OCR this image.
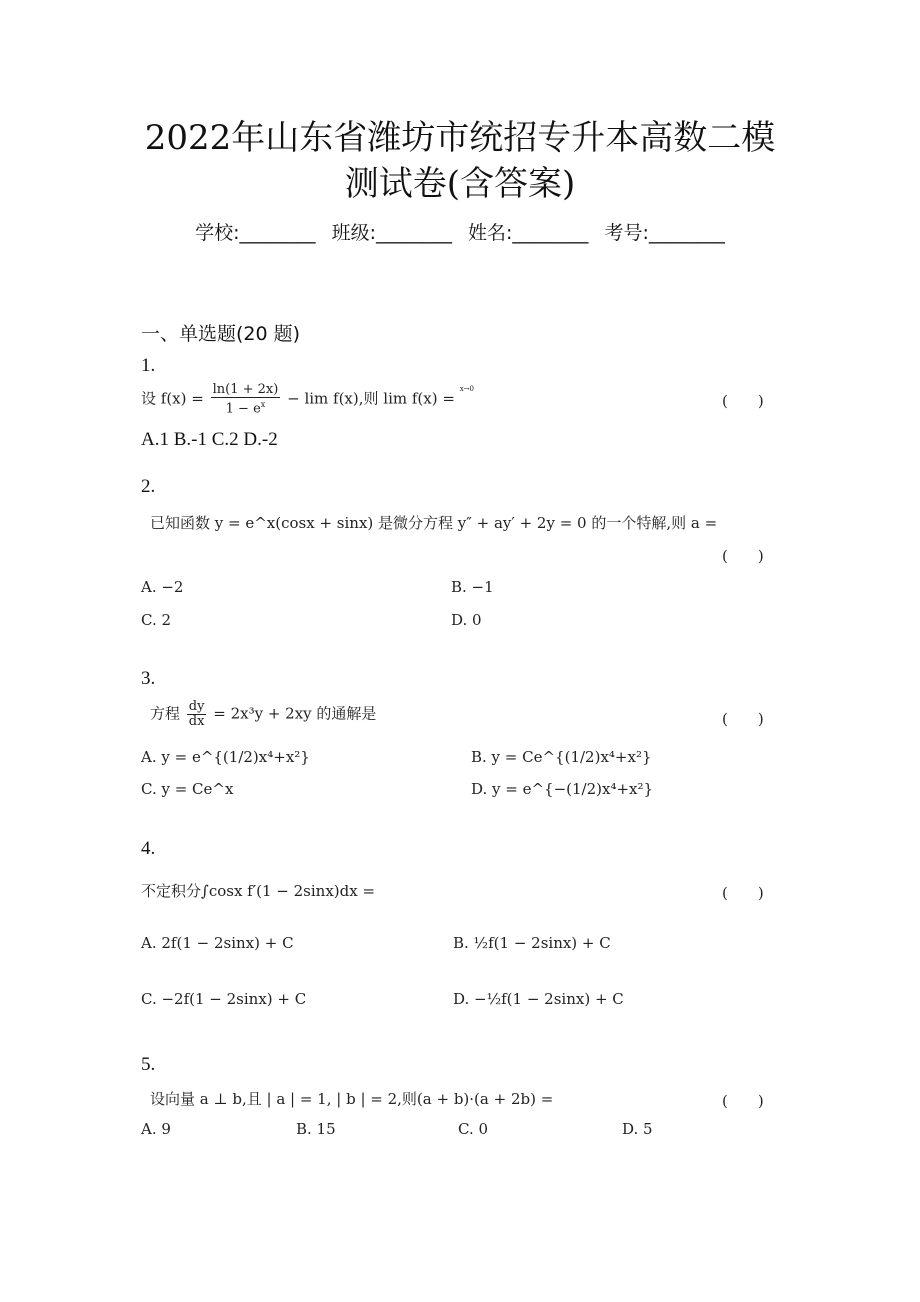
2022年山东省潍坊市统招专升本高数二模
测试卷(含答案)
学校:________ 班级:________ 姓名:________ 考号:________
一、单选题(20 题)
1.
设 $f(x) = \frac{\ln(1 + 2x)}{1 - e^x} - \lim f(x)$,则 lim f(x) =
x→0
(　　)
A.1 B.-1 C.2 D.-2
2.
已知函数 y = e^x(cosx + sinx) 是微分方程 y″ + ay′ + 2y = 0 的一个特解,则 a =
(　　)
A. −2	B. −1
C. 2	D. 0
3.
方程 $\frac{dy}{dx} = 2x^3y + 2xy$ 的通解是	(　　)
A. y = e^{(1/2)x⁴+x²}	B. y = Ce^{(1/2)x⁴+x²}
C. y = Ce^x	D. y = e^{−(1/2)x⁴+x²}
4.
不定积分∫cosx f′(1 − 2sinx)dx =	(　　)
A. 2f(1 − 2sinx) + C	B. ½f(1 − 2sinx) + C
C. −2f(1 − 2sinx) + C	D. −½f(1 − 2sinx) + C
5.
设向量 a ⊥ b,且 | a | = 1, | b | = 2,则(a + b)·(a + 2b) =	(　　)
A. 9	B. 15	C. 0	D. 5
